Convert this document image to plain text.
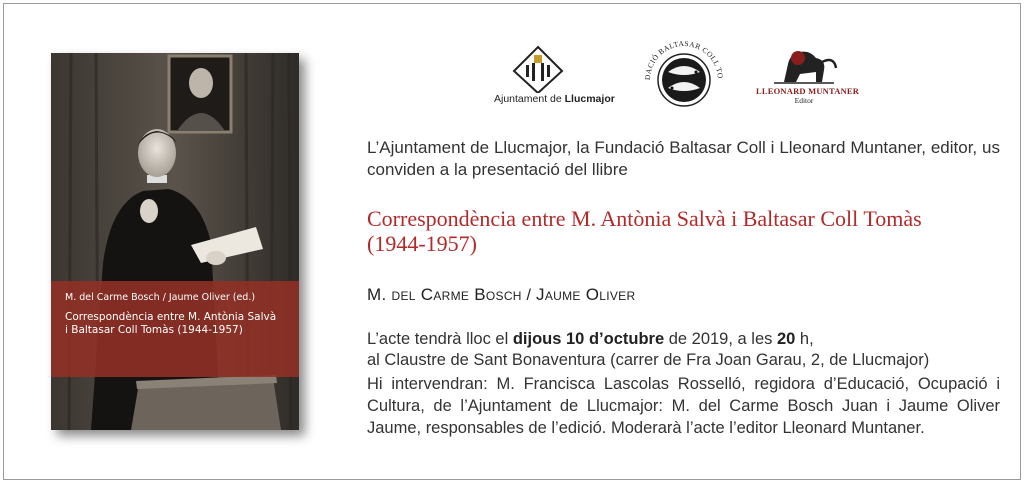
M. del Carme Bosch / Jaume Oliver (ed.)
Correspondència entre M. Antònia Salvà
i Baltasar Coll Tomàs (1944-1957)
Ajuntament de Llucmajor
DACIÓ BALTASAR COLL TO
LLEONARD MUNTANER
Editor
L’Ajuntament de Llucmajor, la Fundació Baltasar Coll i Lleonard Muntaner, editor, us conviden a la presentació del llibre
Correspondència entre M. Antònia Salvà i Baltasar Coll Tomàs
(1944-1957)
M. del Carme Bosch / Jaume Oliver
L’acte tendrà lloc el dijous 10 d’octubre de 2019, a les 20 h,
al Claustre de Sant Bonaventura (carrer de Fra Joan Garau, 2, de Llucmajor)
Hi intervendran: M. Francisca Lascolas Rosselló, regidora d’Educació, Ocupació i Cultura, de l’Ajuntament de Llucmajor: M. del Carme Bosch Juan i Jaume Oliver Jaume, responsables de l’edició. Moderarà l’acte l’editor Lleonard Muntaner.
